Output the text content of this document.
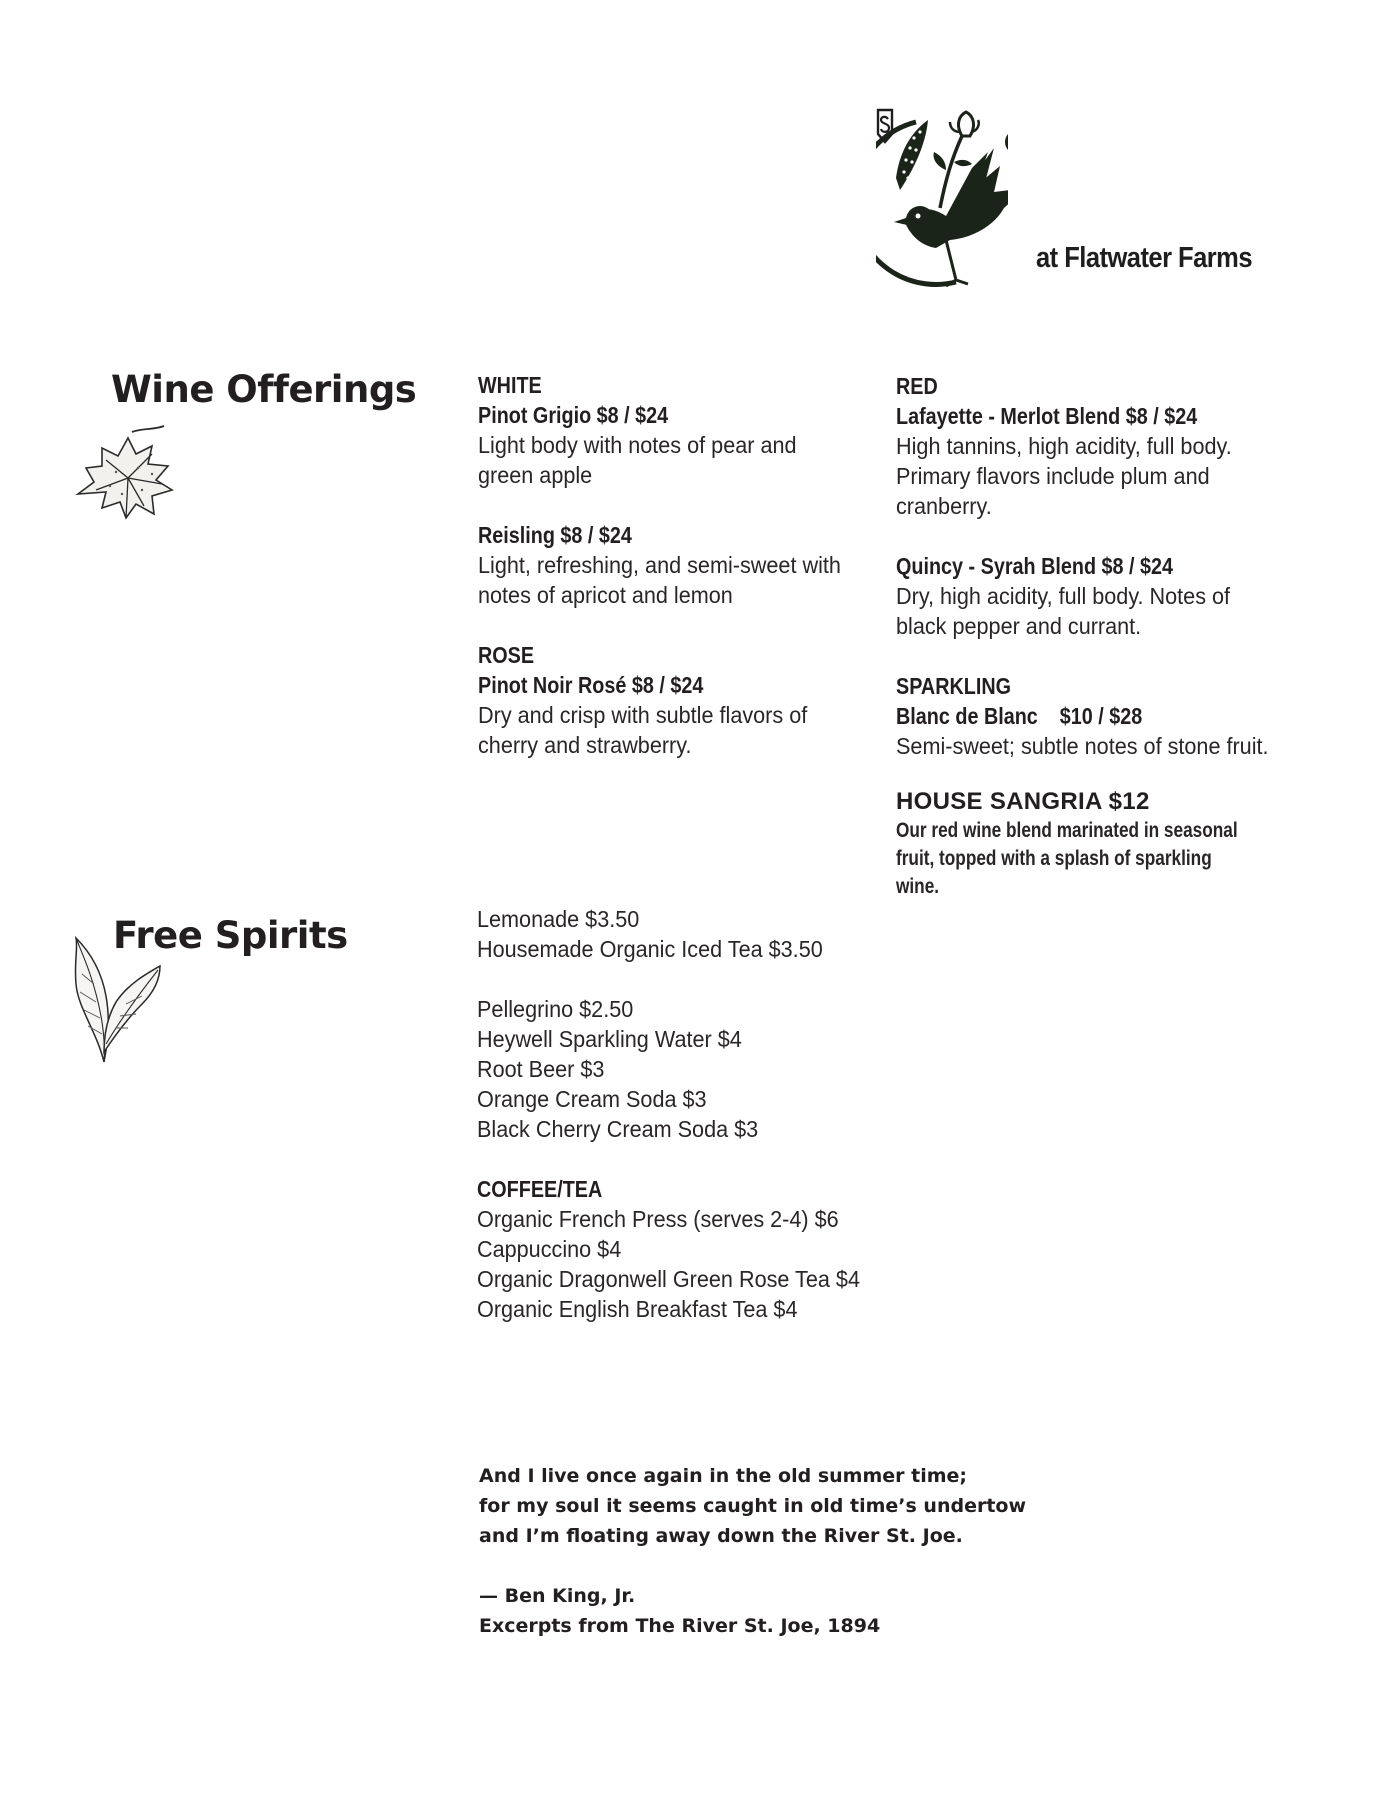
at Flatwater Farms
Wine Offerings	WHITE
Pinot Grigio $8 / $24
Light body with notes of pear and
green apple
Reisling $8 / $24
Light, refreshing, and semi-sweet with
notes of apricot and lemon
ROSE
Pinot Noir Rosé $8 / $24
Dry and crisp with subtle flavors of
cherry and strawberry.
RED
Lafayette - Merlot Blend $8 / $24
High tannins, high acidity, full body.
Primary flavors include plum and
cranberry.
Quincy - Syrah Blend $8 / $24
Dry, high acidity, full body. Notes of
black pepper and currant.
SPARKLING
Blanc de Blanc    $10 / $28
Semi-sweet; subtle notes of stone fruit.
HOUSE SANGRIA $12
Our red wine blend marinated in seasonal
fruit, topped with a splash of sparkling wine.
Free Spirits	Lemonade $3.50
Housemade Organic Iced Tea $3.50
Pellegrino $2.50
Heywell Sparkling Water $4
Root Beer $3
Orange Cream Soda $3
Black Cherry Cream Soda $3
COFFEE/TEA
Organic French Press (serves 2-4) $6
Cappuccino $4
Organic Dragonwell Green Rose Tea $4
Organic English Breakfast Tea $4
And I live once again in the old summer time;
for my soul it seems caught in old time’s undertow
and I’m floating away down the River St. Joe.
— Ben King, Jr.
Excerpts from The River St. Joe, 1894
